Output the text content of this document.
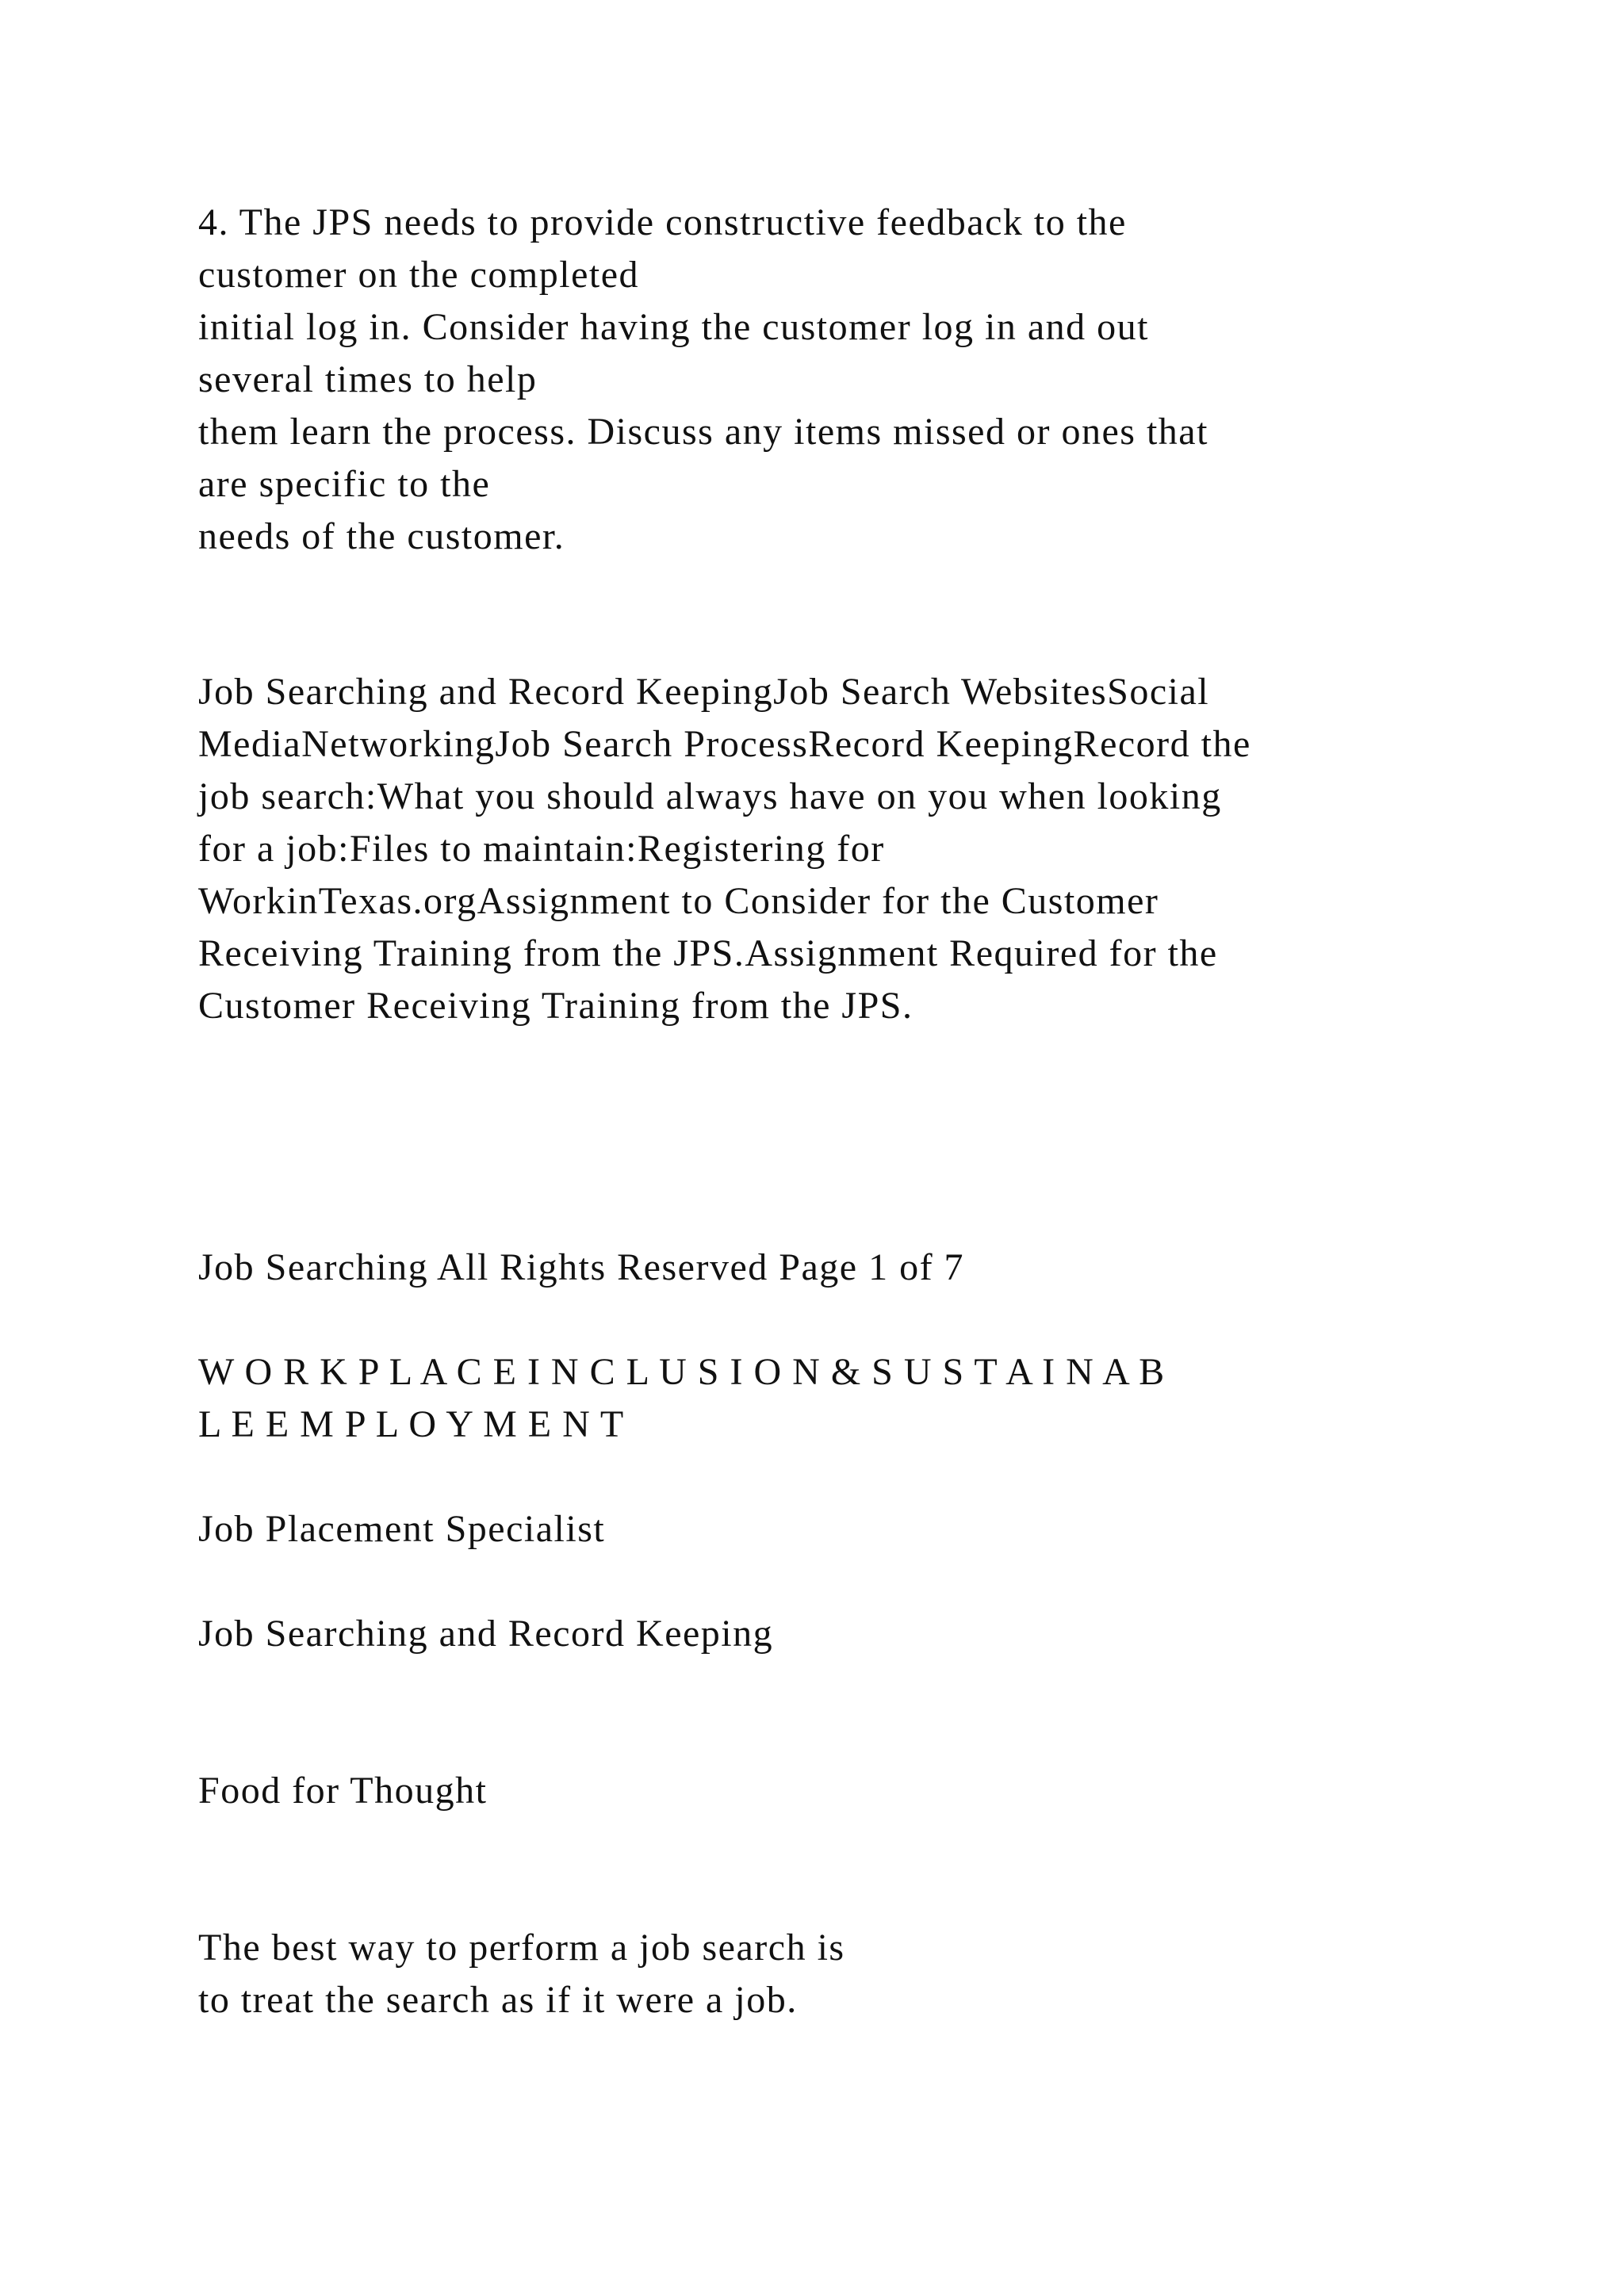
4. The JPS needs to provide constructive feedback to the
customer on the completed
initial log in. Consider having the customer log in and out
several times to help
them learn the process. Discuss any items missed or ones that
are specific to the
needs of the customer.

Job Searching and Record KeepingJob Search WebsitesSocial
MediaNetworkingJob Search ProcessRecord KeepingRecord the
job search:What you should always have on you when looking
for a job:Files to maintain:Registering for
WorkinTexas.orgAssignment to Consider for the Customer
Receiving Training from the JPS.Assignment Required for the
Customer Receiving Training from the JPS.

Job Searching All Rights Reserved Page 1 of 7

W O R K P L A C E I N C L U S I O N & S U S T A I N A B
L E E M P L O Y M E N T

Job Placement Specialist

Job Searching and Record Keeping

Food for Thought

The best way to perform a job search is
to treat the search as if it were a job.
